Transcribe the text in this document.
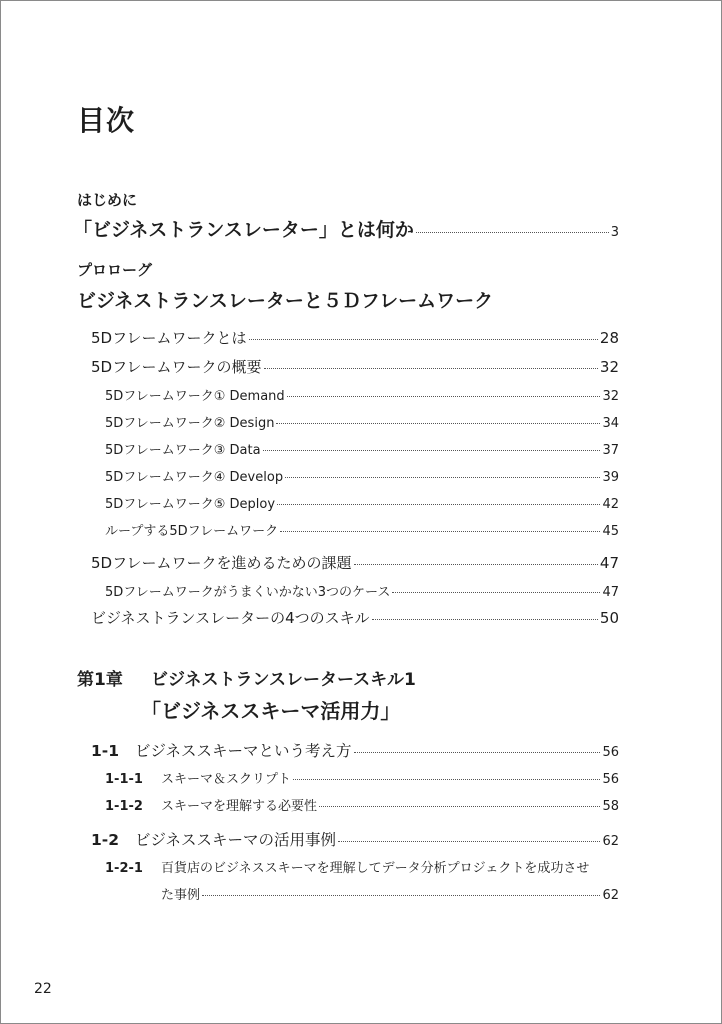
目次
はじめに
「ビジネストランスレーター」とは何か	3
プロローグ
ビジネストランスレーターと５Ｄフレームワーク
5Dフレームワークとは	28
5Dフレームワークの概要	32
5Dフレームワーク① Demand	32
5Dフレームワーク② Design	34
5Dフレームワーク③ Data	37
5Dフレームワーク④ Develop	39
5Dフレームワーク⑤ Deploy	42
ループする5Dフレームワーク	45
5Dフレームワークを進めるための課題	47
5Dフレームワークがうまくいかない3つのケース	47
ビジネストランスレーターの4つのスキル	50
第1章 ビジネストランスレータースキル1
「ビジネススキーマ活用力」
1-1	ビジネススキーマという考え方	56
1-1-1	スキーマ＆スクリプト	56
1-1-2	スキーマを理解する必要性	58
1-2	ビジネススキーマの活用事例	62
1-2-1 百貨店のビジネススキーマを理解してデータ分析プロジェクトを成功させ
た事例	62
22
